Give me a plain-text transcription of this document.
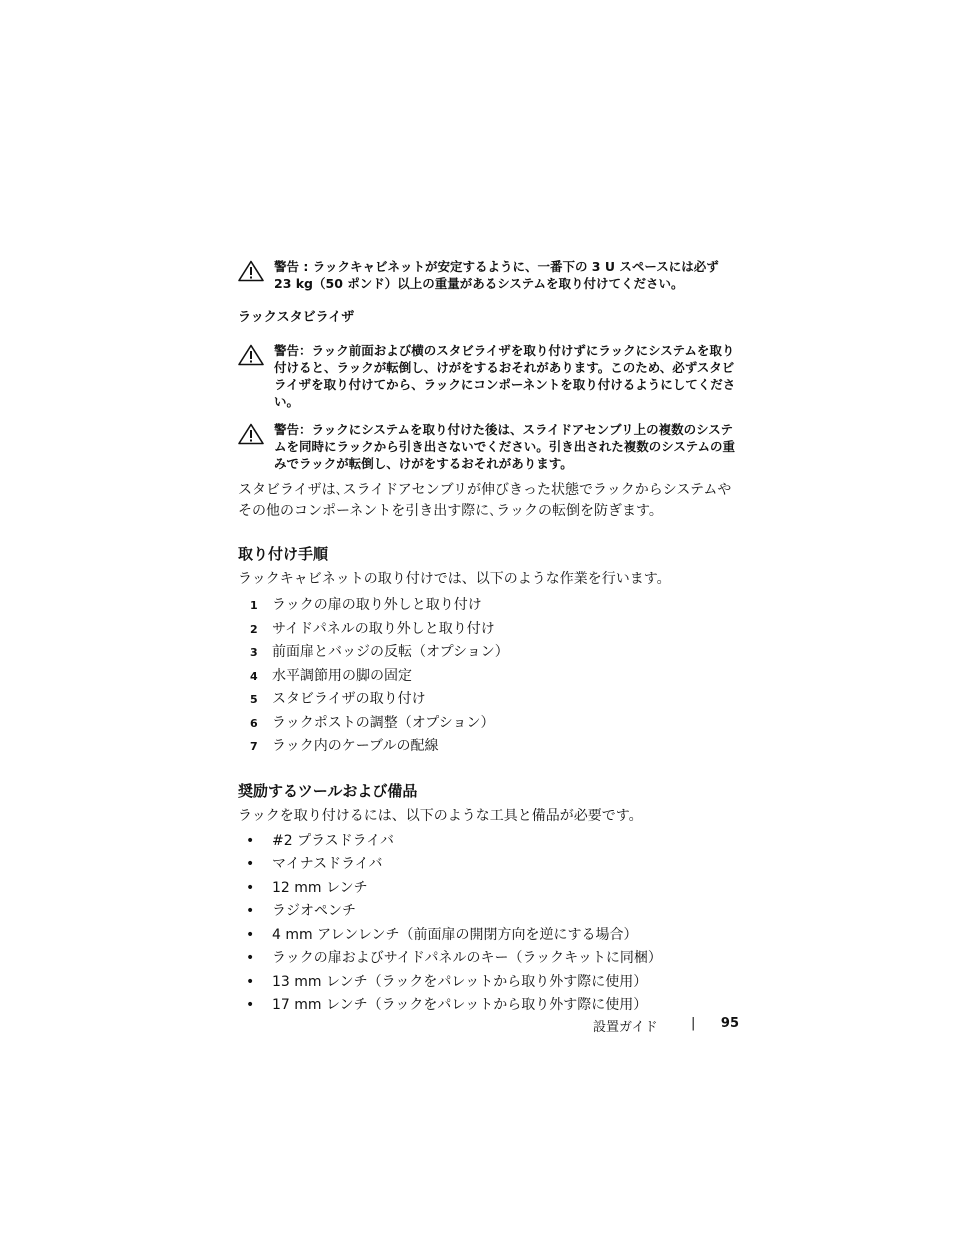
警告 : ラックキャビネットが安定するように、一番下の 3 U スペースには必ず 23 kg（50 ポンド）以上の重量があるシステムを取り付けてください。

ラックスタビライザ

警告：ラック前面および横のスタビライザを取り付けずにラックにシステムを取り付けると、ラックが転倒し、けがをするおそれがあります。このため、必ずスタビライザを取り付けてから、ラックにコンポーネントを取り付けるようにしてください。

警告：ラックにシステムを取り付けた後は、スライドアセンブリ上の複数のシステムを同時にラックから引き出さないでください。引き出された複数のシステムの重みでラックが転倒し、けがをするおそれがあります。

スタビライザは､スライドアセンブリが伸びきった状態でラックからシステムやその他のコンポーネントを引き出す際に､ラックの転倒を防ぎます。

取り付け手順

ラックキャビネットの取り付けでは、以下のような作業を行います。

1 ラックの扉の取り外しと取り付け
2 サイドパネルの取り外しと取り付け
3 前面扉とバッジの反転（オプション）
4 水平調節用の脚の固定
5 スタビライザの取り付け
6 ラックポストの調整（オプション）
7 ラック内のケーブルの配線
奨励するツールおよび備品

ラックを取り付けるには、以下のような工具と備品が必要です。

• #2 プラスドライバ
• マイナスドライバ
• 12 mm レンチ
• ラジオペンチ
• 4 mm アレンレンチ（前面扉の開閉方向を逆にする場合）
• ラックの扉およびサイドパネルのキー（ラックキットに同梱）
• 13 mm レンチ（ラックをパレットから取り外す際に使用）
• 17 mm レンチ（ラックをパレットから取り外す際に使用）
設置ガイド	| 95
